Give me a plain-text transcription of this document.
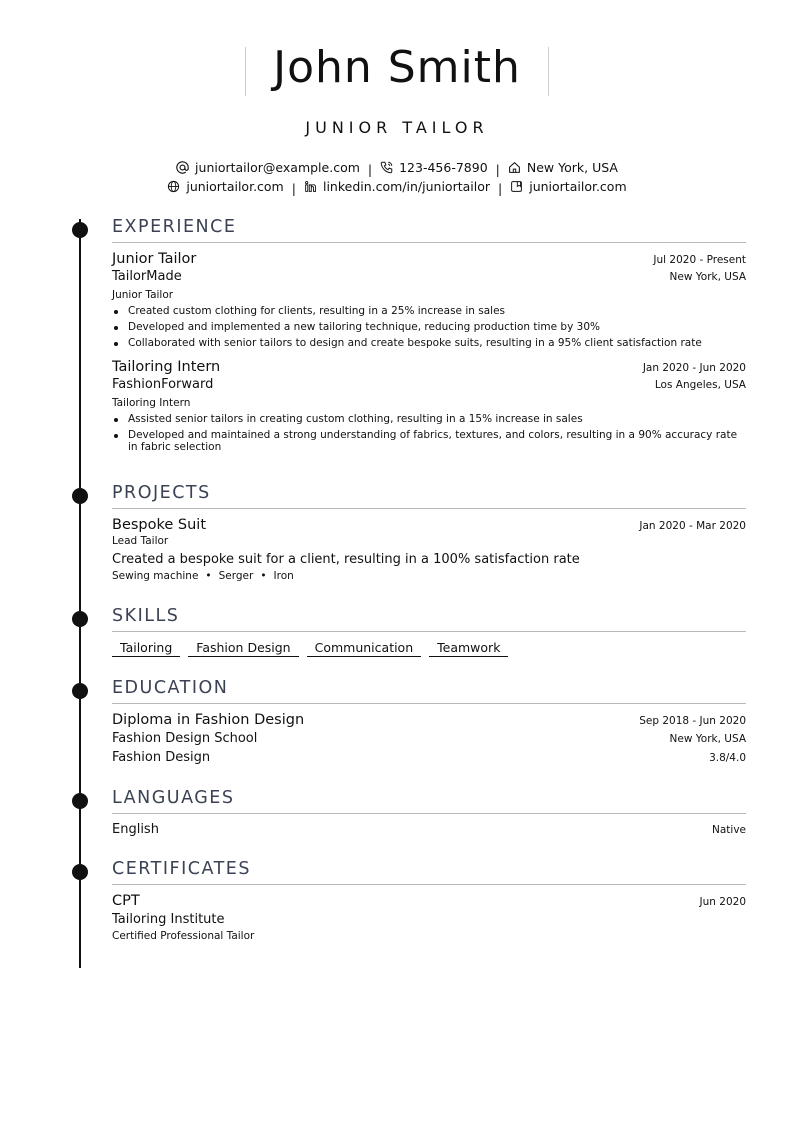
John Smith
JUNIOR TAILOR
juniortailor@example.com | 123-456-7890 | New York, USA
juniortailor.com | linkedin.com/in/juniortailor | juniortailor.com
EXPERIENCE
Junior Tailor	Jul 2020 - Present
TailorMade	New York, USA
Junior Tailor
Created custom clothing for clients, resulting in a 25% increase in sales
Developed and implemented a new tailoring technique, reducing production time by 30%
Collaborated with senior tailors to design and create bespoke suits, resulting in a 95% client satisfaction rate
Tailoring Intern	Jan 2020 - Jun 2020
FashionForward	Los Angeles, USA
Tailoring Intern
Assisted senior tailors in creating custom clothing, resulting in a 15% increase in sales
Developed and maintained a strong understanding of fabrics, textures, and colors, resulting in a 90% accuracy rate in fabric selection
PROJECTS
Bespoke Suit	Jan 2020 - Mar 2020
Lead Tailor
Created a bespoke suit for a client, resulting in a 100% satisfaction rate
Sewing machine • Serger • Iron
SKILLS
Tailoring	Fashion Design	Communication	Teamwork
EDUCATION
Diploma in Fashion Design	Sep 2018 - Jun 2020
Fashion Design School	New York, USA
Fashion Design	3.8/4.0
LANGUAGES
English	Native
CERTIFICATES
CPT	Jun 2020
Tailoring Institute
Certified Professional Tailor
